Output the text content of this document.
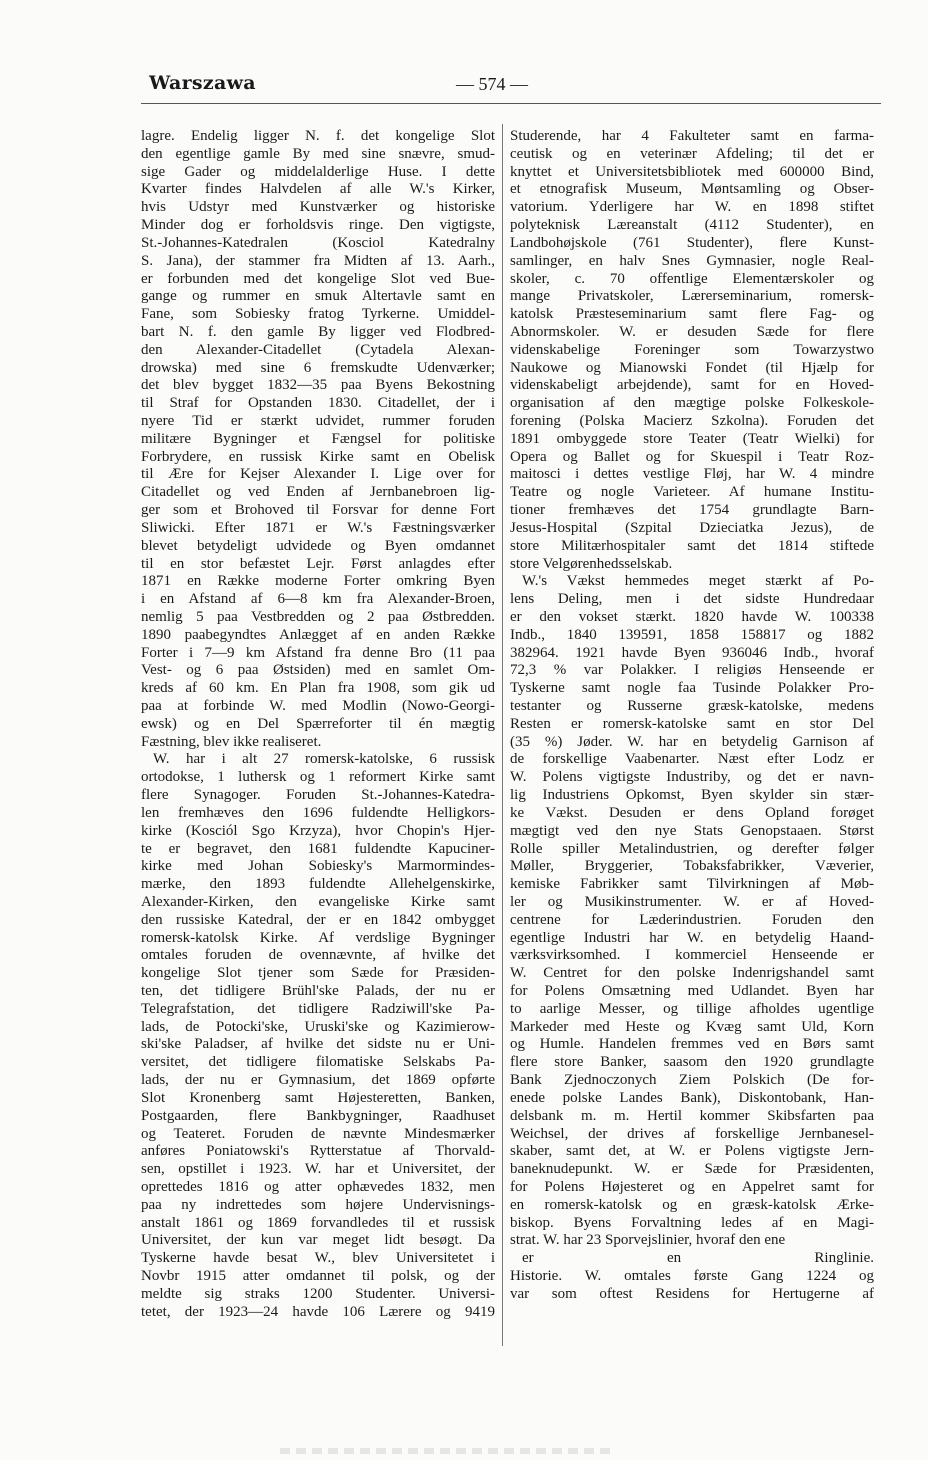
Warszawa	— 574 —
lagre. Endelig ligger N. f. det kongelige Slot
den egentlige gamle By med sine snævre, smud-
sige Gader og middelalderlige Huse. I dette
Kvarter findes Halvdelen af alle W.'s Kirker,
hvis Udstyr med Kunstværker og historiske
Minder dog er forholdsvis ringe. Den vigtigste,
St.-Johannes-Katedralen (Kosciol Katedralny
S. Jana), der stammer fra Midten af 13. Aarh.,
er forbunden med det kongelige Slot ved Bue-
gange og rummer en smuk Altertavle samt en
Fane, som Sobiesky fratog Tyrkerne. Umiddel-
bart N. f. den gamle By ligger ved Flodbred-
den Alexander-Citadellet (Cytadela Alexan-
drowska) med sine 6 fremskudte Udenværker;
det blev bygget 1832—35 paa Byens Bekostning
til Straf for Opstanden 1830. Citadellet, der i
nyere Tid er stærkt udvidet, rummer foruden
militære Bygninger et Fængsel for politiske
Forbrydere, en russisk Kirke samt en Obelisk
til Ære for Kejser Alexander I. Lige over for
Citadellet og ved Enden af Jernbanebroen lig-
ger som et Brohoved til Forsvar for denne Fort
Sliwicki. Efter 1871 er W.'s Fæstningsværker
blevet betydeligt udvidede og Byen omdannet
til en stor befæstet Lejr. Først anlagdes efter
1871 en Række moderne Forter omkring Byen
i en Afstand af 6—8 km fra Alexander-Broen,
nemlig 5 paa Vestbredden og 2 paa Østbredden.
1890 paabegyndtes Anlægget af en anden Række
Forter i 7—9 km Afstand fra denne Bro (11 paa
Vest- og 6 paa Østsiden) med en samlet Om-
kreds af 60 km. En Plan fra 1908, som gik ud
paa at forbinde W. med Modlin (Nowo-Georgi-
ewsk) og en Del Spærreforter til én mægtig
Fæstning, blev ikke realiseret.
W. har i alt 27 romersk-katolske, 6 russisk
ortodokse, 1 luthersk og 1 reformert Kirke samt
flere Synagoger. Foruden St.-Johannes-Katedra-
len fremhæves den 1696 fuldendte Helligkors-
kirke (Kosciól Sgo Krzyza), hvor Chopin's Hjer-
te er begravet, den 1681 fuldendte Kapuciner-
kirke med Johan Sobiesky's Marmormindes-
mærke, den 1893 fuldendte Allehelgenskirke,
Alexander-Kirken, den evangeliske Kirke samt
den russiske Katedral, der er en 1842 ombygget
romersk-katolsk Kirke. Af verdslige Bygninger
omtales foruden de ovennævnte, af hvilke det
kongelige Slot tjener som Sæde for Præsiden-
ten, det tidligere Brühl'ske Palads, der nu er
Telegrafstation, det tidligere Radziwill'ske Pa-
lads, de Potocki'ske, Uruski'ske og Kazimierow-
ski'ske Paladser, af hvilke det sidste nu er Uni-
versitet, det tidligere filomatiske Selskabs Pa-
lads, der nu er Gymnasium, det 1869 opførte
Slot Kronenberg samt Højesteretten, Banken,
Postgaarden, flere Bankbygninger, Raadhuset
og Teateret. Foruden de nævnte Mindesmærker
anføres Poniatowski's Rytterstatue af Thorvald-
sen, opstillet i 1923. W. har et Universitet, der
oprettedes 1816 og atter ophævedes 1832, men
paa ny indrettedes som højere Undervisnings-
anstalt 1861 og 1869 forvandledes til et russisk
Universitet, der kun var meget lidt besøgt. Da
Tyskerne havde besat W., blev Universitetet i
Novbr 1915 atter omdannet til polsk, og der
meldte sig straks 1200 Studenter. Universi-
tetet, der 1923—24 havde 106 Lærere og 9419
Studerende, har 4 Fakulteter samt en farma-
ceutisk og en veterinær Afdeling; til det er
knyttet et Universitetsbibliotek med 600000 Bind,
et etnografisk Museum, Møntsamling og Obser-
vatorium. Yderligere har W. en 1898 stiftet
polyteknisk Læreanstalt (4112 Studenter), en
Landbohøjskole (761 Studenter), flere Kunst-
samlinger, en halv Snes Gymnasier, nogle Real-
skoler, c. 70 offentlige Elementærskoler og
mange Privatskoler, Lærerseminarium, romersk-
katolsk Præsteseminarium samt flere Fag- og
Abnormskoler. W. er desuden Sæde for flere
videnskabelige Foreninger som Towarzystwo
Naukowe og Mianowski Fondet (til Hjælp for
videnskabeligt arbejdende), samt for en Hoved-
organisation af den mægtige polske Folkeskole-
forening (Polska Macierz Szkolna). Foruden det
1891 ombyggede store Teater (Teatr Wielki) for
Opera og Ballet og for Skuespil i Teatr Roz-
maitosci i dettes vestlige Fløj, har W. 4 mindre
Teatre og nogle Varieteer. Af humane Institu-
tioner fremhæves det 1754 grundlagte Barn-
Jesus-Hospital (Szpital Dzieciatka Jezus), de
store Militærhospitaler samt det 1814 stiftede
store Velgørenhedsselskab.
W.'s Vækst hemmedes meget stærkt af Po-
lens Deling, men i det sidste Hundredaar
er den vokset stærkt. 1820 havde W. 100338
Indb., 1840 139591, 1858 158817 og 1882
382964. 1921 havde Byen 936046 Indb., hvoraf
72,3 % var Polakker. I religiøs Henseende er
Tyskerne samt nogle faa Tusinde Polakker Pro-
testanter og Russerne græsk-katolske, medens
Resten er romersk-katolske samt en stor Del
(35 %) Jøder. W. har en betydelig Garnison af
de forskellige Vaabenarter. Næst efter Lodz er
W. Polens vigtigste Industriby, og det er navn-
lig Industriens Opkomst, Byen skylder sin stær-
ke Vækst. Desuden er dens Opland forøget
mægtigt ved den nye Stats Genopstaaen. Størst
Rolle spiller Metalindustrien, og derefter følger
Møller, Bryggerier, Tobaksfabrikker, Væverier,
kemiske Fabrikker samt Tilvirkningen af Møb-
ler og Musikinstrumenter. W. er af Hoved-
centrene for Læderindustrien. Foruden den
egentlige Industri har W. en betydelig Haand-
værksvirksomhed. I kommerciel Henseende er
W. Centret for den polske Indenrigshandel samt
for Polens Omsætning med Udlandet. Byen har
to aarlige Messer, og tillige afholdes ugentlige
Markeder med Heste og Kvæg samt Uld, Korn
og Humle. Handelen fremmes ved en Børs samt
flere store Banker, saasom den 1920 grundlagte
Bank Zjednoczonych Ziem Polskich (De for-
enede polske Landes Bank), Diskontobank, Han-
delsbank m. m. Hertil kommer Skibsfarten paa
Weichsel, der drives af forskellige Jernbanesel-
skaber, samt det, at W. er Polens vigtigste Jern-
baneknudepunkt. W. er Sæde for Præsidenten,
for Polens Højesteret og en Appelret samt for
en romersk-katolsk og en græsk-katolsk Ærke-
biskop. Byens Forvaltning ledes af en Magi-
strat. W. har 23 Sporvejslinier, hvoraf den ene
er en Ringlinie.
Historie. W. omtales første Gang 1224 og
var som oftest Residens for Hertugerne af
